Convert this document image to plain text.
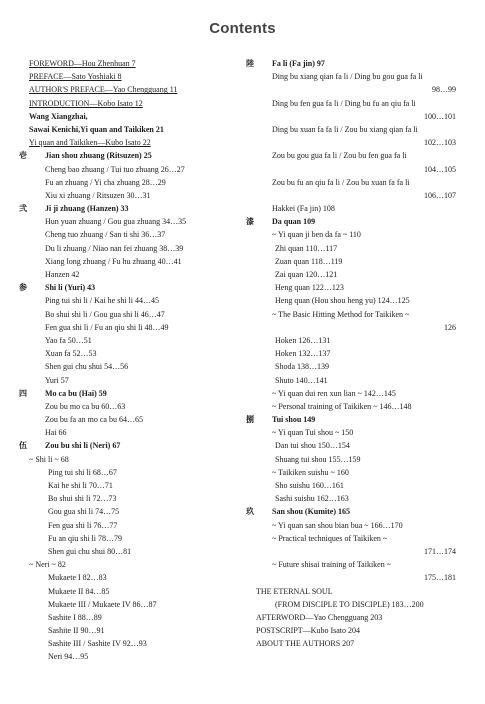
Contents
FOREWORD—Hou Zhenhuan 7
PREFACE—Sato Yoshiaki 8
AUTHOR'S PREFACE—Yao Chengguang 11
INTRODUCTION—Kobo Isato 12
Wang Xiangzhai,
Sawai Kenichi,Yi quan and Taikiken 21
Yi quan and Taikiken—Kubo Isato 22
壱 Jian shou zhuang (Ritsuzen) 25
Cheng bao zhuang / Tui tuo zhuang 26…27
Fu an zhuang / Yi cha zhuang 28…29
Xiu xi zhuang / Ritsuzen 30…31
弐 Ji ji zhuang (Hanzen) 33
Hun yuan zhuang / Gou gua zhuang 34…35
Cheng tuo zhuang / San ti shi 36…37
Du li zhuang / Niao nan fei zhuang 38…39
Xiang long zhuang / Fu hu zhuang 40…41
Hanzen 42
参 Shi li (Yuri) 43
Ping tui shi li / Kai he shi li 44…45
Bo shui shi li / Gou gua shi li 46…47
Fen gua shi li / Fu an qiu shi li 48…49
Yao fa 50…51
Xuan fa 52…53
Shen gui chu shui 54…56
Yuri 57
四 Mo ca bu (Hai) 59
Zou bu mo ca bu 60…63
Zou bu fa an mo ca bu 64…65
Hai 66
伍 Zou bu shi li (Neri) 67
~ Shi li ~ 68
Ping tui shi li 68…67
Kai he shi li 70…71
Bo shui shi li 72…73
Gou gua shi li 74…75
Fen gua shi li 76…77
Fu an qiu shi li 78…79
Shen gui chu shui 80…81
~ Neri ~ 82
Mukaete I 82…83
Mukaete II 84…85
Mukaete III / Mukaete IV 86…87
Sashite I 88…89
Sashite II 90…91
Sashite III / Sashite IV 92…93
Neri 94…95
陸 Fa li (Fa jin) 97
Ding bu xiang qian fa li / Ding bu gou gua fa li
98…99
Ding bu fen gua fa li / Ding bu fu an qiu fa li
100…101
Ding bu xuan fa fa li / Zou bu xiang qian fa li
102…103
Zou bu gou gua fa li / Zou bu fen gua fa li
104…105
Zou bu fu an qiu fa li / Zou bu xuan fa fa li
106…107
Hakkei (Fa jin) 108
漆 Da quan 109
~ Yi quan ji ben da fa ~ 110
Zhi quan 110…117
Zuan quan 118…119
Zai quan 120…121
Heng quan 122…123
Heng quan (Hou shou heng yu) 124…125
~ The Basic Hitting Method for Taikiken ~
126
Hoken 126…131
Hoken 132…137
Shoda 138…139
Shuto 140…141
~ Yi quan dui ren xun lian ~ 142…145
~ Personal training of Taikiken ~ 146…148
捌 Tui shou 149
~ Yi quan Tui shou ~ 150
Dan tui shou 150…154
Shuang tui shou 155…159
~ Taikiken suishu ~ 160
Sho suishu 160…161
Sashi suishu 162…163
玖 San shou (Kumite) 165
~ Yi quan san shou bian bua ~ 166…170
~ Practical techniques of Taikiken ~
171…174
~ Future shisai training of Taikiken ~
175…181
THE ETERNAL SOUL
(FROM DISCIPLE TO DISCIPLE) 183…200
AFTERWORD—Yao Chengguang 203
POSTSCRIPT—Kubo Isato 204
ABOUT THE AUTHORS 207
